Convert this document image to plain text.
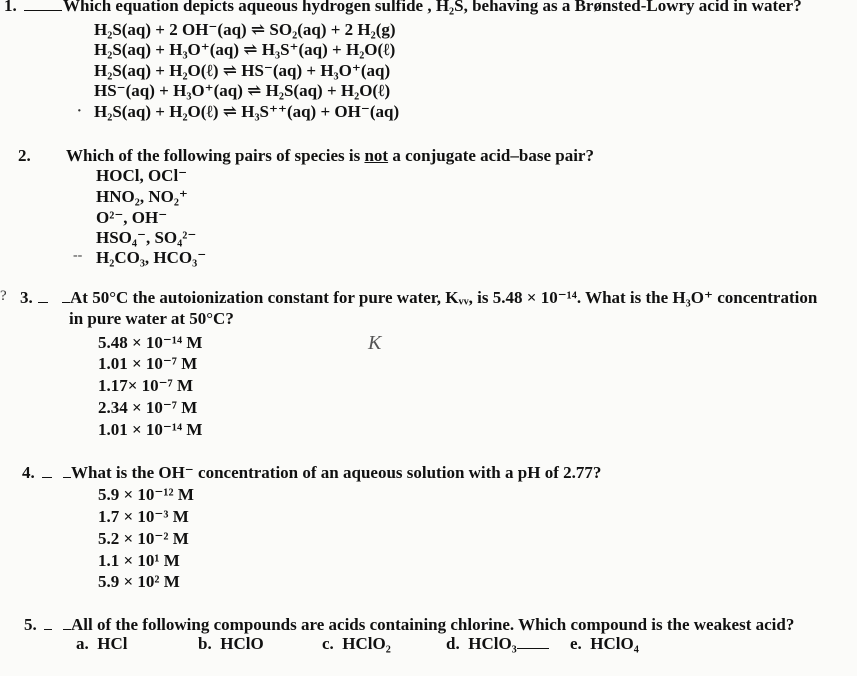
1.	Which equation depicts aqueous hydrogen sulfide , H₂S, behaving as a Brønsted-Lowry acid in water?
H₂S(aq) + 2 OH⁻(aq) ⇌ SO₂(aq) + 2 H₂(g)
H₂S(aq) + H₃O⁺(aq) ⇌ H₃S⁺(aq) + H₂O(ℓ)
H₂S(aq) + H₂O(ℓ) ⇌ HS⁻(aq) + H₃O⁺(aq)
HS⁻(aq) + H₃O⁺(aq) ⇌ H₂S(aq) + H₂O(ℓ)
· H₂S(aq) + H₂O(ℓ) ⇌ H₃S⁺⁺(aq) + OH⁻(aq)
2. Which of the following pairs of species is not a conjugate acid–base pair?
HOCl, OCl⁻
HNO₂, NO₂⁺
O²⁻, OH⁻
HSO₄⁻, SO₄²⁻
-- H₂CO₃, HCO₃⁻
? 3.	At 50°C the autoionization constant for pure water, Kᵥᵥ, is 5.48 × 10⁻¹⁴. What is the H₃O⁺ concentration
in pure water at 50°C?
5.48 × 10⁻¹⁴ M	K
1.01 × 10⁻⁷ M
1.17× 10⁻⁷ M
2.34 × 10⁻⁷ M
1.01 × 10⁻¹⁴ M
4.	What is the OH⁻ concentration of an aqueous solution with a pH of 2.77?
5.9 × 10⁻¹² M
1.7 × 10⁻³ M
5.2 × 10⁻² M
1.1 × 10¹ M
5.9 × 10² M
5.	All of the following compounds are acids containing chlorine. Which compound is the weakest acid?
a. HCl	b. HClO	c. HClO₂	d. HClO₃	e. HClO₄
